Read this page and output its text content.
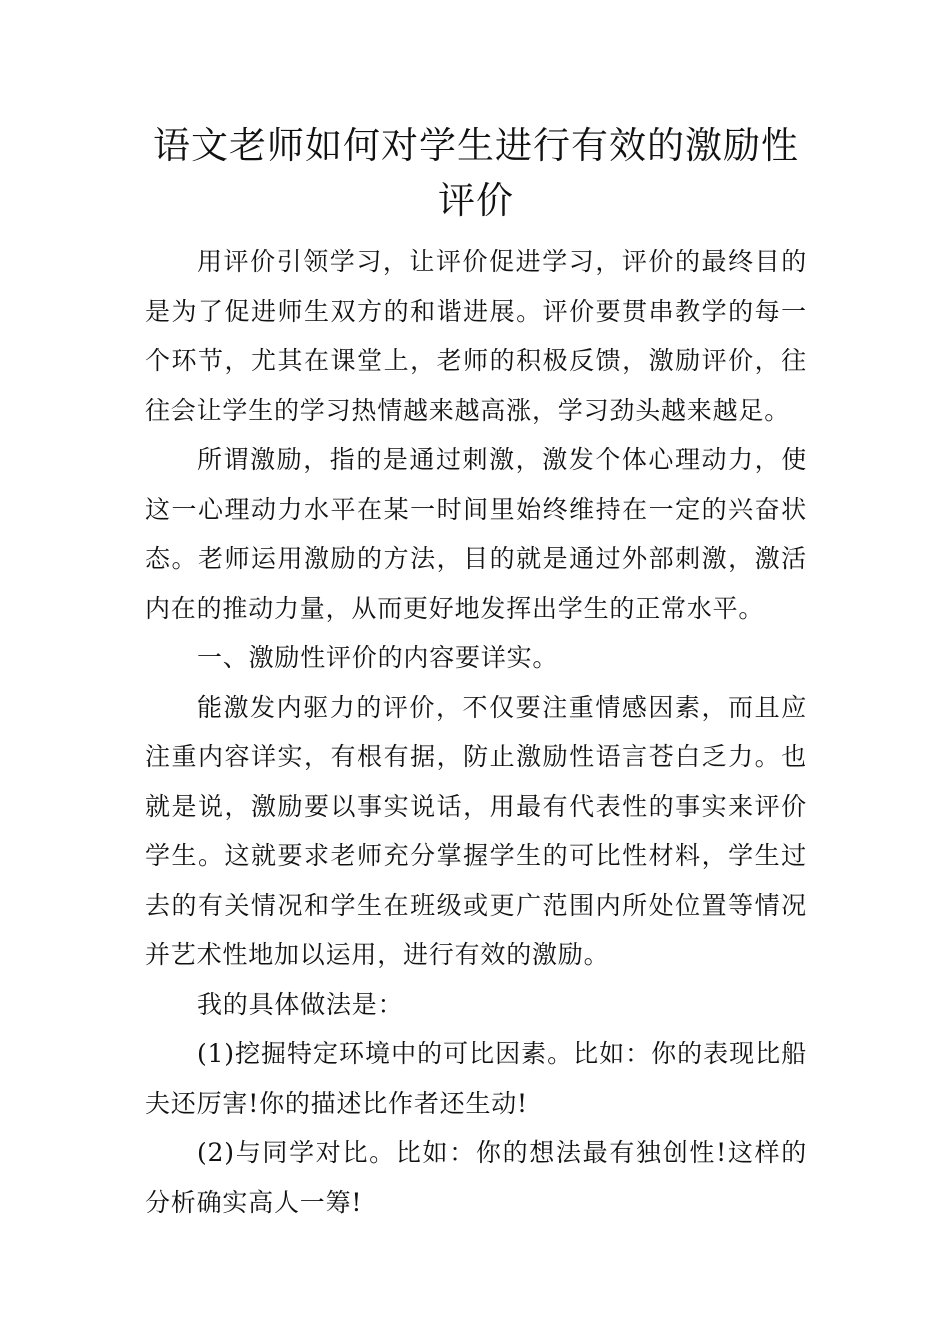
语文老师如何对学生进行有效的激励性评价

用评价引领学习，让评价促进学习，评价的最终目的是为了促进师生双方的和谐进展。评价要贯串教学的每一个环节，尤其在课堂上，老师的积极反馈，激励评价，往往会让学生的学习热情越来越高涨，学习劲头越来越足。

所谓激励，指的是通过刺激，激发个体心理动力，使这一心理动力水平在某一时间里始终维持在一定的兴奋状态。老师运用激励的方法，目的就是通过外部刺激，激活内在的推动力量，从而更好地发挥出学生的正常水平。

一、激励性评价的内容要详实。

能激发内驱力的评价，不仅要注重情感因素，而且应注重内容详实，有根有据，防止激励性语言苍白乏力。也就是说，激励要以事实说话，用最有代表性的事实来评价学生。这就要求老师充分掌握学生的可比性材料，学生过去的有关情况和学生在班级或更广范围内所处位置等情况并艺术性地加以运用，进行有效的激励。

我的具体做法是：

(1)挖掘特定环境中的可比因素。比如：你的表现比船夫还厉害!你的描述比作者还生动!

(2)与同学对比。比如：你的想法最有独创性!这样的分析确实高人一筹!
